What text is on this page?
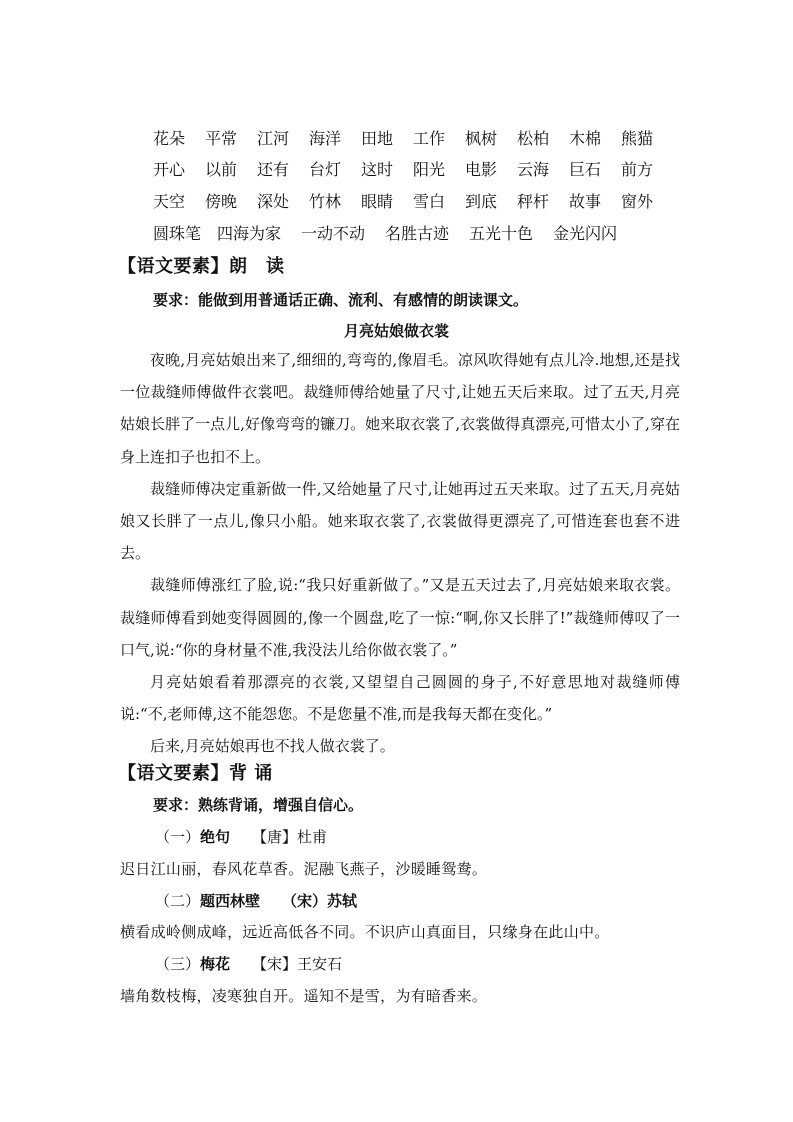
花朵 平常 江河 海洋 田地 工作 枫树 松柏 木棉 熊猫
开心 以前 还有 台灯 这时 阳光 电影 云海 巨石 前方
天空 傍晚 深处 竹林 眼睛 雪白 到底 秤杆 故事 窗外
圆珠笔 四海为家 一动不动 名胜古迹 五光十色 金光闪闪
【语文要素】朗　读
要求：能做到用普通话正确、流利、有感情的朗读课文。
月亮姑娘做衣裳

夜晚,月亮姑娘出来了,细细的,弯弯的,像眉毛。凉风吹得她有点儿冷.地想,还是找一位裁缝师傅做件衣裳吧。裁缝师傅给她量了尺寸,让她五天后来取。过了五天,月亮姑娘长胖了一点儿,好像弯弯的镰刀。她来取衣裳了,衣裳做得真漂亮,可惜太小了,穿在身上连扣子也扣不上。

裁缝师傅决定重新做一件,又给她量了尺寸,让她再过五天来取。过了五天,月亮姑娘又长胖了一点儿,像只小船。她来取衣裳了,衣裳做得更漂亮了,可惜连套也套不进去。

裁缝师傅涨红了脸,说:“我只好重新做了。”又是五天过去了,月亮姑娘来取衣裳。裁缝师傅看到她变得圆圆的,像一个圆盘,吃了一惊:“啊,你又长胖了!”裁缝师傅叹了一口气,说:“你的身材量不准,我没法儿给你做衣裳了。”

月亮姑娘看着那漂亮的衣裳,又望望自己圆圆的身子,不好意思地对裁缝师傅说:“不,老师傅,这不能怨您。不是您量不准,而是我每天都在变化。”

后来,月亮姑娘再也不找人做衣裳了。

【语文要素】背 诵
要求：熟练背诵，增强自信心。
（一）绝句 【唐】杜甫
迟日江山丽，春风花草香。泥融飞燕子，沙暖睡鸳鸯。
（二）题西林壁 （宋）苏轼
横看成岭侧成峰，远近高低各不同。不识庐山真面目，只缘身在此山中。
（三）梅花 【宋】王安石
墙角数枝梅，凌寒独自开。遥知不是雪，为有暗香来。
